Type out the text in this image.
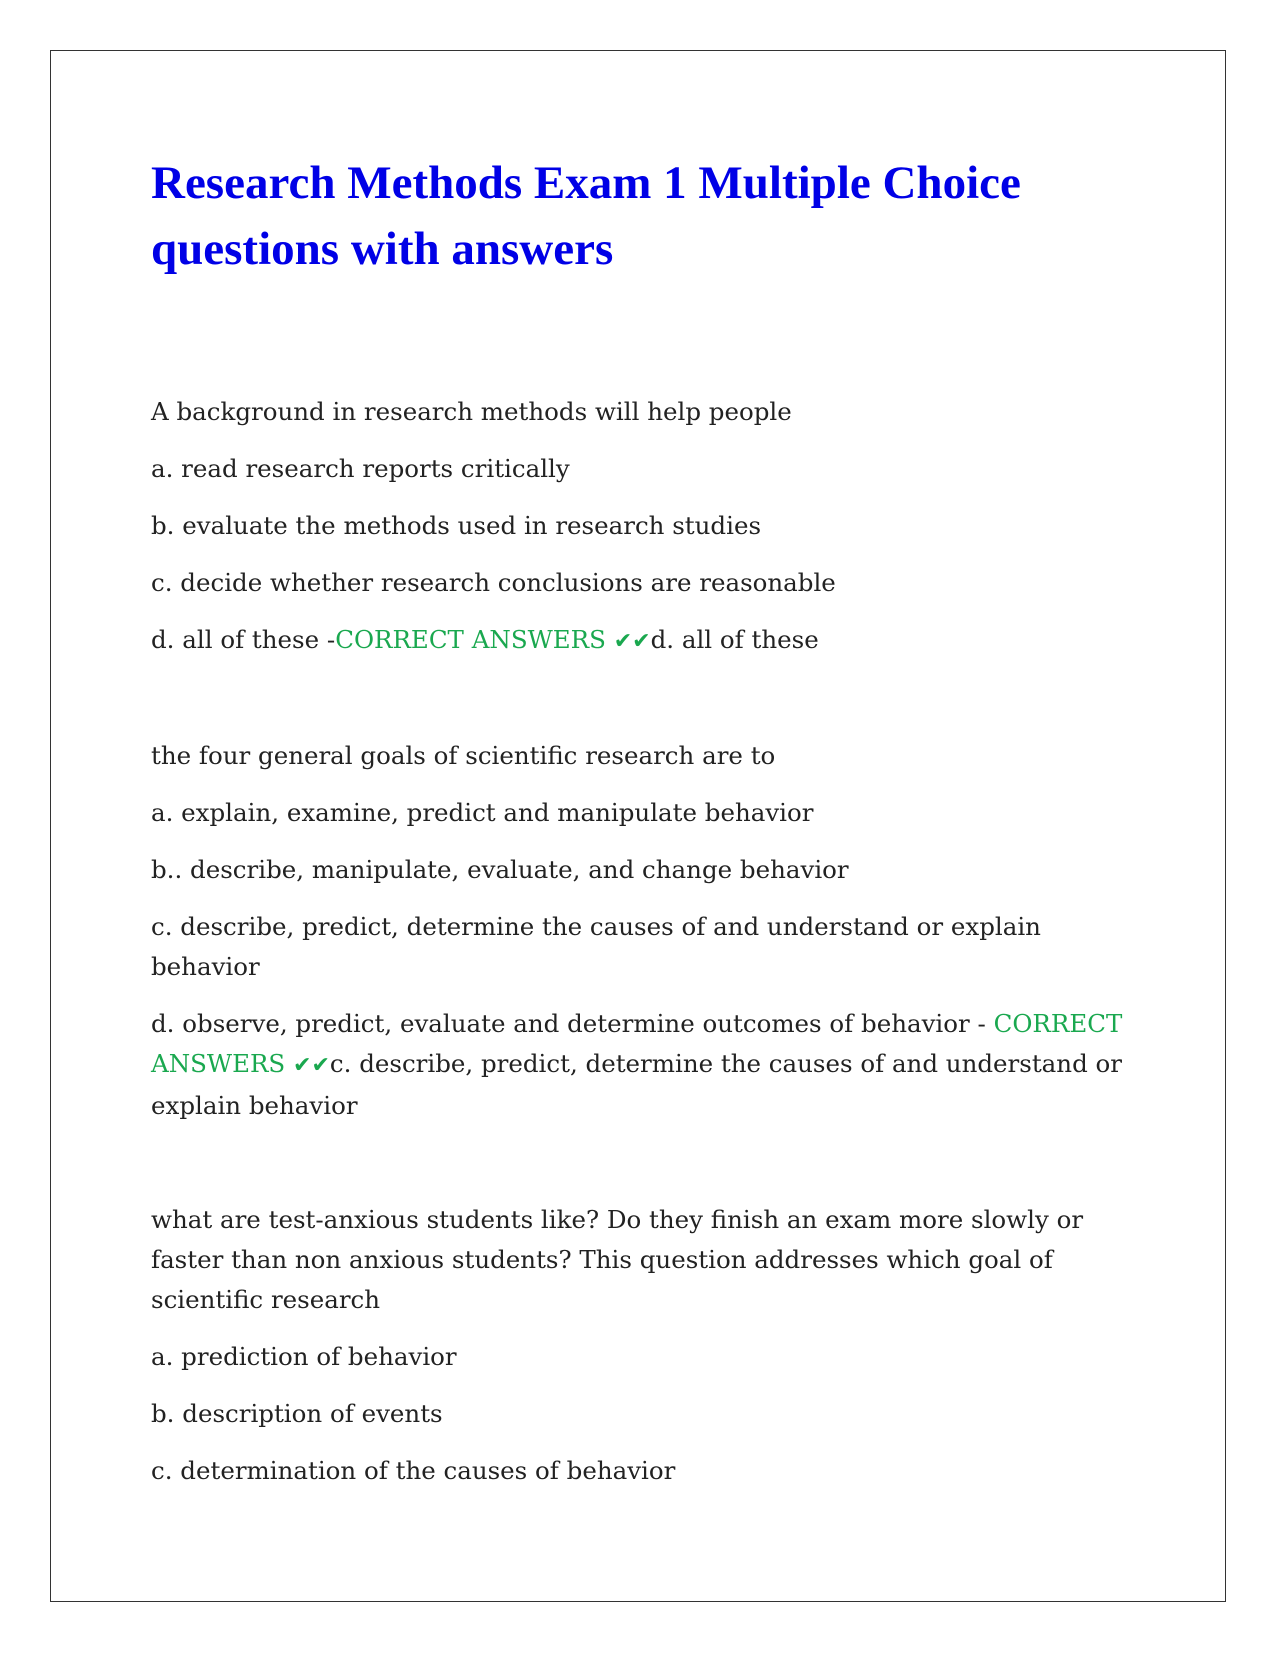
Research Methods Exam 1 Multiple Choice questions with answers

A background in research methods will help people

a. read research reports critically

b. evaluate the methods used in research studies

c. decide whether research conclusions are reasonable

d. all of these -CORRECT ANSWERS ✔✔d. all of these

the four general goals of scientific research are to

a. explain, examine, predict and manipulate behavior

b.. describe, manipulate, evaluate, and change behavior

c. describe, predict, determine the causes of and understand or explain behavior

d. observe, predict, evaluate and determine outcomes of behavior - CORRECT ANSWERS ✔✔c. describe, predict, determine the causes of and understand or explain behavior

what are test-anxious students like? Do they finish an exam more slowly or faster than non anxious students? This question addresses which goal of scientific research

a. prediction of behavior

b. description of events

c. determination of the causes of behavior
